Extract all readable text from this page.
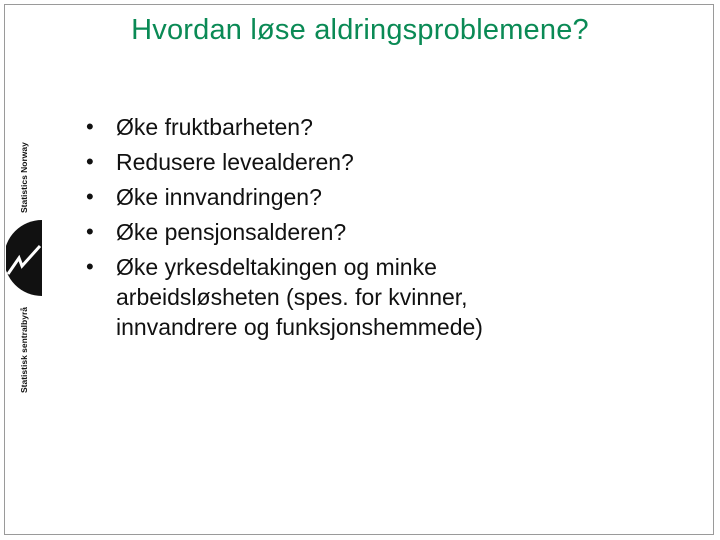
Statistics Norway
Statistisk sentralbyrå
Hvordan løse aldringsproblemene?
• Øke fruktbarheten?
• Redusere levealderen?
• Øke innvandringen?
• Øke pensjonsalderen?
• Øke yrkesdeltakingen og minke
arbeidsløsheten (spes. for kvinner,
innvandrere og funksjonshemmede)
